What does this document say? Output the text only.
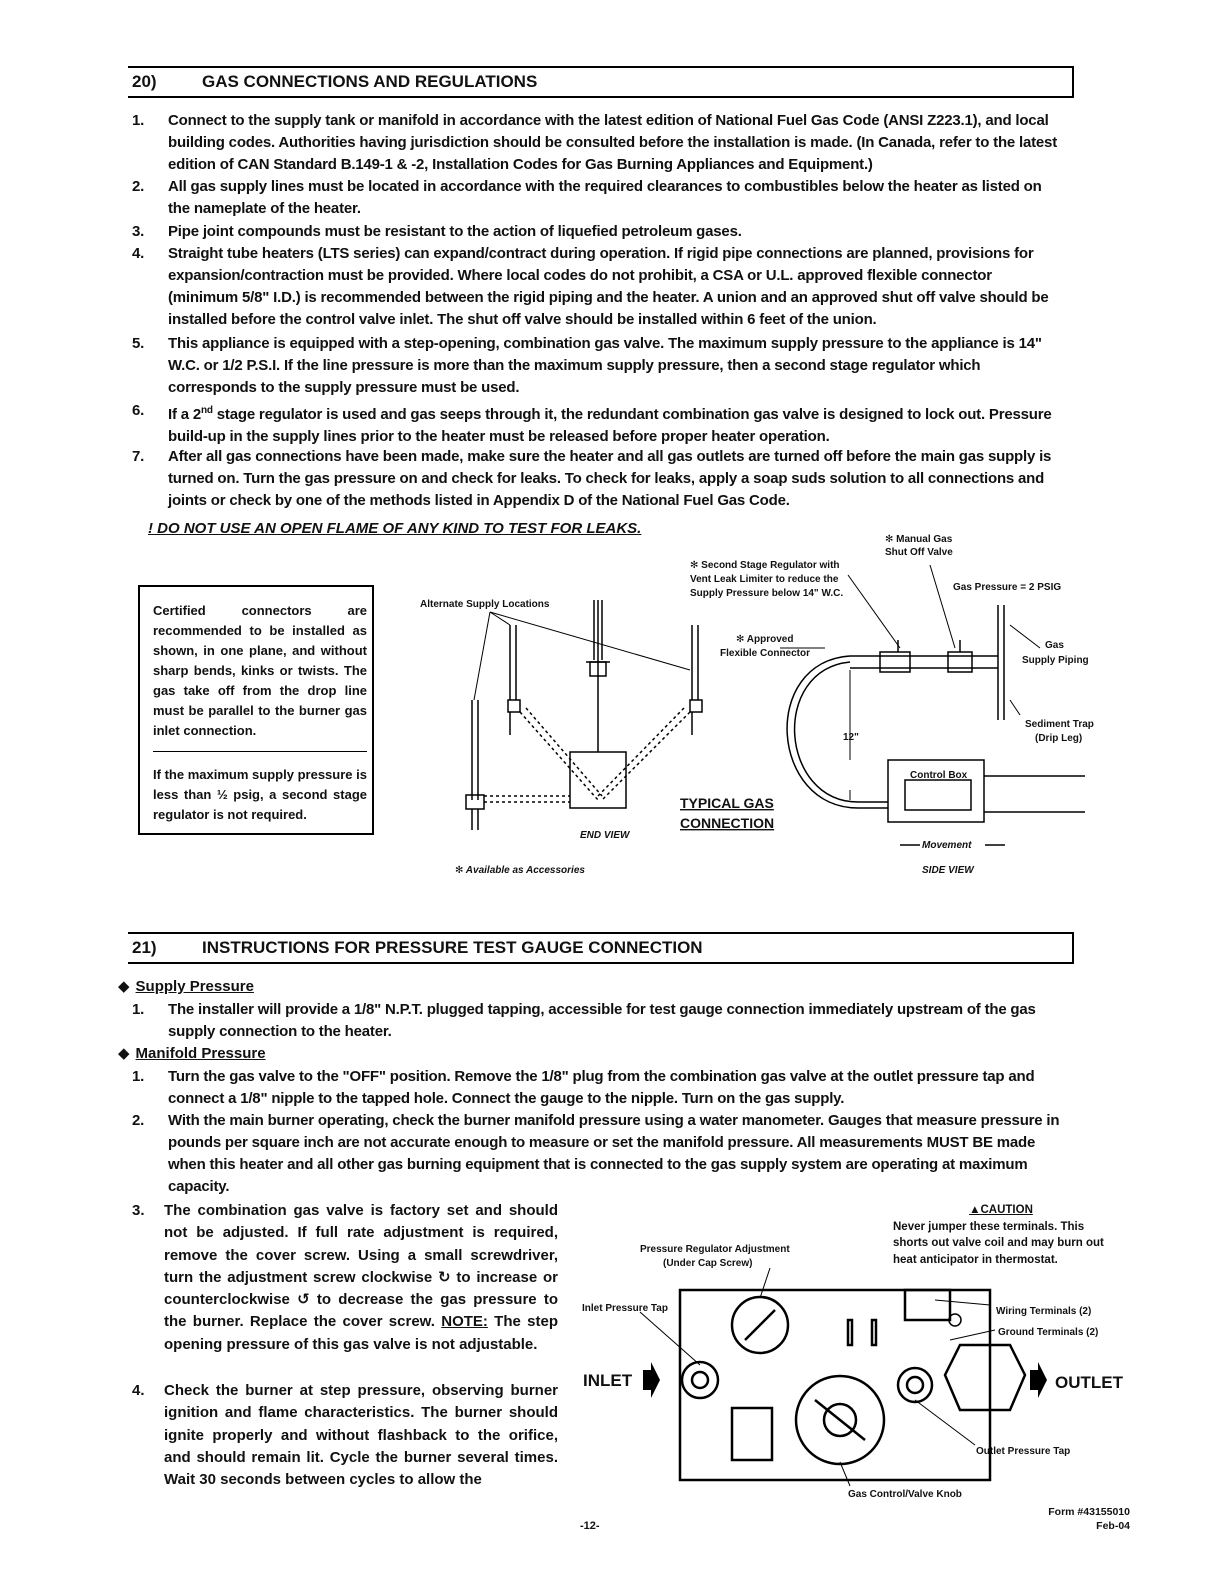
20)	GAS CONNECTIONS AND REGULATIONS
1. Connect to the supply tank or manifold in accordance with the latest edition of National Fuel Gas Code (ANSI Z223.1), and local building codes. Authorities having jurisdiction should be consulted before the installation is made. (In Canada, refer to the latest edition of CAN Standard B.149-1 & -2, Installation Codes for Gas Burning Appliances and Equipment.)
2. All gas supply lines must be located in accordance with the required clearances to combustibles below the heater as listed on the nameplate of the heater.
3. Pipe joint compounds must be resistant to the action of liquefied petroleum gases.
4. Straight tube heaters (LTS series) can expand/contract during operation. If rigid pipe connections are planned, provisions for expansion/contraction must be provided. Where local codes do not prohibit, a CSA or U.L. approved flexible connector (minimum 5/8" I.D.) is recommended between the rigid piping and the heater. A union and an approved shut off valve should be installed before the control valve inlet. The shut off valve should be installed within 6 feet of the union.
5. This appliance is equipped with a step-opening, combination gas valve. The maximum supply pressure to the appliance is 14" W.C. or 1/2 P.S.I. If the line pressure is more than the maximum supply pressure, then a second stage regulator which corresponds to the supply pressure must be used.
6. If a 2nd stage regulator is used and gas seeps through it, the redundant combination gas valve is designed to lock out. Pressure build-up in the supply lines prior to the heater must be released before proper heater operation.
7. After all gas connections have been made, make sure the heater and all gas outlets are turned off before the main gas supply is turned on. Turn the gas pressure on and check for leaks. To check for leaks, apply a soap suds solution to all connections and joints or check by one of the methods listed in Appendix D of the National Fuel Gas Code.
! DO NOT USE AN OPEN FLAME OF ANY KIND TO TEST FOR LEAKS.

Certified connectors are recommended to be installed as shown, in one plane, and without sharp bends, kinks or twists. The gas take off from the drop line must be parallel to the burner gas inlet connection.

If the maximum supply pressure is less than ½ psig, a second stage regulator is not required.

Alternate Supply Locations
✻ Approved
Flexible Connector
✻ Second Stage Regulator with
Vent Leak Limiter to reduce the
Supply Pressure below 14" W.C.
✻ Manual Gas
Shut Off Valve
Gas Pressure = 2 PSIG
Gas
Supply Piping
Sediment Trap
(Drip Leg)
12"
Control Box
END VIEW
Movement
SIDE VIEW
✻ Available as Accessories
TYPICAL GAS
CONNECTION
21)	INSTRUCTIONS FOR PRESSURE TEST GAUGE CONNECTION
◆ Supply Pressure
1. The installer will provide a 1/8" N.P.T. plugged tapping, accessible for test gauge connection immediately upstream of the gas supply connection to the heater.
◆ Manifold Pressure
1. Turn the gas valve to the "OFF" position. Remove the 1/8" plug from the combination gas valve at the outlet pressure tap and connect a 1/8" nipple to the tapped hole. Connect the gauge to the nipple. Turn on the gas supply.
2. With the main burner operating, check the burner manifold pressure using a water manometer. Gauges that measure pressure in pounds per square inch are not accurate enough to measure or set the manifold pressure. All measurements MUST BE made when this heater and all other gas burning equipment that is connected to the gas supply system are operating at maximum capacity.
3. The combination gas valve is factory set and should not be adjusted. If full rate adjustment is required, remove the cover screw. Using a small screwdriver, turn the adjustment screw clockwise ↻ to increase or counterclockwise ↺ to decrease the gas pressure to the burner. Replace the cover screw. NOTE: The step opening pressure of this gas valve is not adjustable.
4. Check the burner at step pressure, observing burner ignition and flame characteristics. The burner should ignite properly and without flashback to the orifice, and should remain lit. Cycle the burner several times. Wait 30 seconds between cycles to allow the
▲CAUTION
Never jumper these terminals. This shorts out valve coil and may burn out heat anticipator in thermostat.
Pressure Regulator Adjustment
(Under Cap Screw)
Inlet Pressure Tap	Wiring Terminals (2)
Ground Terminals (2)
Outlet Pressure Tap
Gas Control/Valve Knob
INLET	OUTLET
-12-
Form #43155010
Feb-04
